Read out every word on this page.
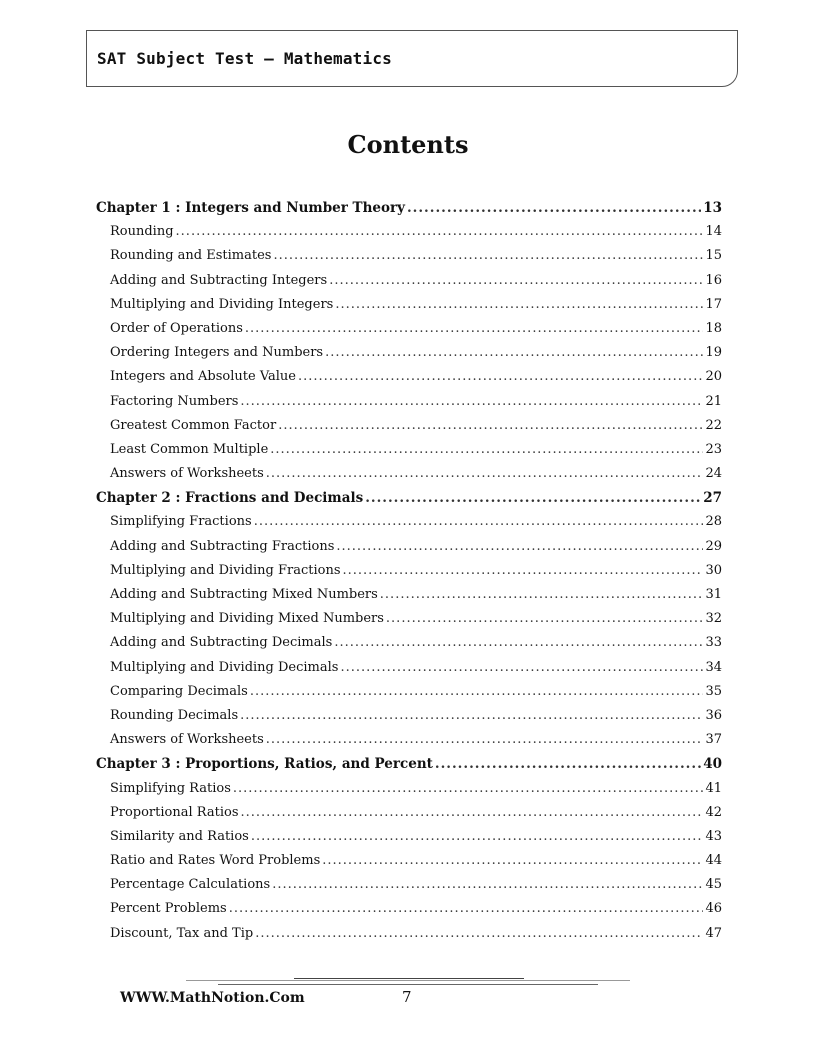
SAT Subject Test – Mathematics
Contents
Chapter 1 : Integers and Number Theory .....	13
Rounding .....	14
Rounding and Estimates .....	15
Adding and Subtracting Integers .....	16
Multiplying and Dividing Integers .....	17
Order of Operations .....	18
Ordering Integers and Numbers .....	19
Integers and Absolute Value .....	20
Factoring Numbers .....	21
Greatest Common Factor .....	22
Least Common Multiple .....	23
Answers of Worksheets .....	24
Chapter 2 : Fractions and Decimals .....	27
Simplifying Fractions .....	28
Adding and Subtracting Fractions .....	29
Multiplying and Dividing Fractions .....	30
Adding and Subtracting Mixed Numbers .....	31
Multiplying and Dividing Mixed Numbers .....	32
Adding and Subtracting Decimals .....	33
Multiplying and Dividing Decimals .....	34
Comparing Decimals .....	35
Rounding Decimals .....	36
Answers of Worksheets .....	37
Chapter 3 : Proportions, Ratios, and Percent .....	40
Simplifying Ratios .....	41
Proportional Ratios .....	42
Similarity and Ratios .....	43
Ratio and Rates Word Problems .....	44
Percentage Calculations .....	45
Percent Problems .....	46
Discount, Tax and Tip .....	47
WWW.MathNotion.Com	7
